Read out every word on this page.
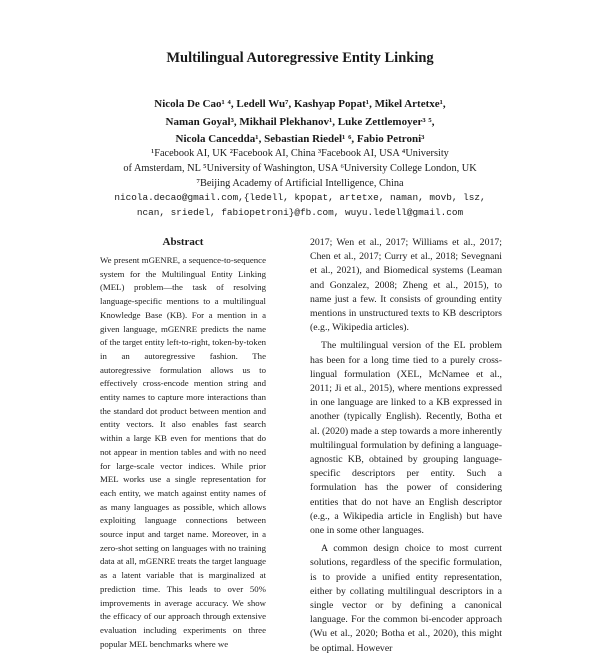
Multilingual Autoregressive Entity Linking
Nicola De Cao¹ ⁴, Ledell Wu⁷, Kashyap Popat¹, Mikel Artetxe¹,
Naman Goyal³, Mikhail Plekhanov¹, Luke Zettlemoyer³ ⁵,
Nicola Cancedda¹, Sebastian Riedel¹ ⁶, Fabio Petroni³
¹Facebook AI, UK ²Facebook AI, China ³Facebook AI, USA ⁴University
of Amsterdam, NL ⁵University of Washington, USA ⁶University College London, UK
⁷Beijing Academy of Artificial Intelligence, China
nicola.decao@gmail.com,{ledell, kpopat, artetxe, naman, movb, lsz,
ncan, sriedel, fabiopetroni}@fb.com, wuyu.ledell@gmail.com
Abstract
We present mGENRE, a sequence-to-sequence system for the Multilingual Entity Linking (MEL) problem—the task of resolving language-specific mentions to a multilingual Knowledge Base (KB). For a mention in a given language, mGENRE predicts the name of the target entity left-to-right, token-by-token in an autoregressive fashion. The autoregressive formulation allows us to effectively cross-encode mention string and entity names to capture more interactions than the standard dot product between mention and entity vectors. It also enables fast search within a large KB even for mentions that do not appear in mention tables and with no need for large-scale vector indices. While prior MEL works use a single representation for each entity, we match against entity names of as many languages as possible, which allows exploiting language connections between source input and target name. Moreover, in a zero-shot setting on languages with no training data at all, mGENRE treats the target language as a latent variable that is marginalized at prediction time. This leads to over 50% improvements in average accuracy. We show the efficacy of our approach through extensive evaluation including experiments on three popular MEL benchmarks where we

2017; Wen et al., 2017; Williams et al., 2017; Chen et al., 2017; Curry et al., 2018; Sevegnani et al., 2021), and Biomedical systems (Leaman and Gonzalez, 2008; Zheng et al., 2015), to name just a few. It consists of grounding entity mentions in unstructured texts to KB descriptors (e.g., Wikipedia articles).

The multilingual version of the EL problem has been for a long time tied to a purely cross-lingual formulation (XEL, McNamee et al., 2011; Ji et al., 2015), where mentions expressed in one language are linked to a KB expressed in another (typically English). Recently, Botha et al. (2020) made a step towards a more inherently multilingual formulation by defining a language-agnostic KB, obtained by grouping language-specific descriptors per entity. Such a formulation has the power of considering entities that do not have an English descriptor (e.g., a Wikipedia article in English) but have one in some other languages.

A common design choice to most current solutions, regardless of the specific formulation, is to provide a unified entity representation, either by collating multilingual descriptors in a single vector or by defining a canonical language. For the common bi-encoder approach (Wu et al., 2020; Botha et al., 2020), this might be optimal. However
